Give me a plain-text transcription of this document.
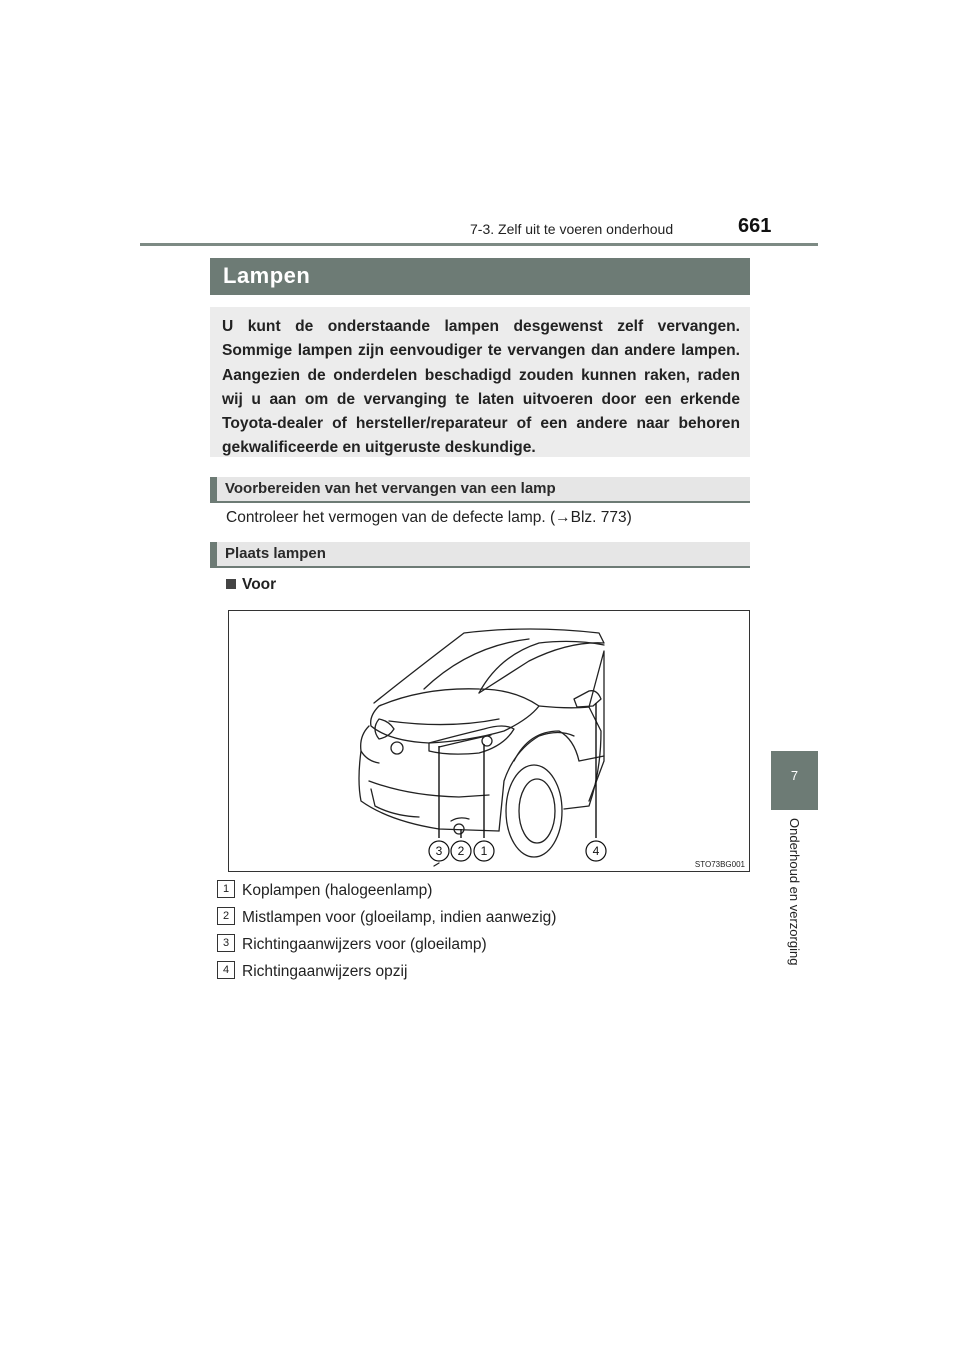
7-3. Zelf uit te voeren onderhoud	661
7
Onderhoud en verzorging
Lampen
U kunt de onderstaande lampen desgewenst zelf vervangen. Sommige lampen zijn eenvoudiger te vervangen dan andere lampen. Aangezien de onderdelen beschadigd zouden kunnen raken, raden wij u aan om de vervanging te laten uitvoeren door een erkende Toyota-dealer of hersteller/reparateur of een andere naar behoren gekwalificeerde en uitgeruste deskundige.
Voorbereiden van het vervangen van een lamp
Controleer het vermogen van de defecte lamp. (→Blz. 773)
Plaats lampen
Voor
3 2 1	4
STO73BG001
1 Koplampen (halogeenlamp)
2 Mistlampen voor (gloeilamp, indien aanwezig)
3 Richtingaanwijzers voor (gloeilamp)
4 Richtingaanwijzers opzij
